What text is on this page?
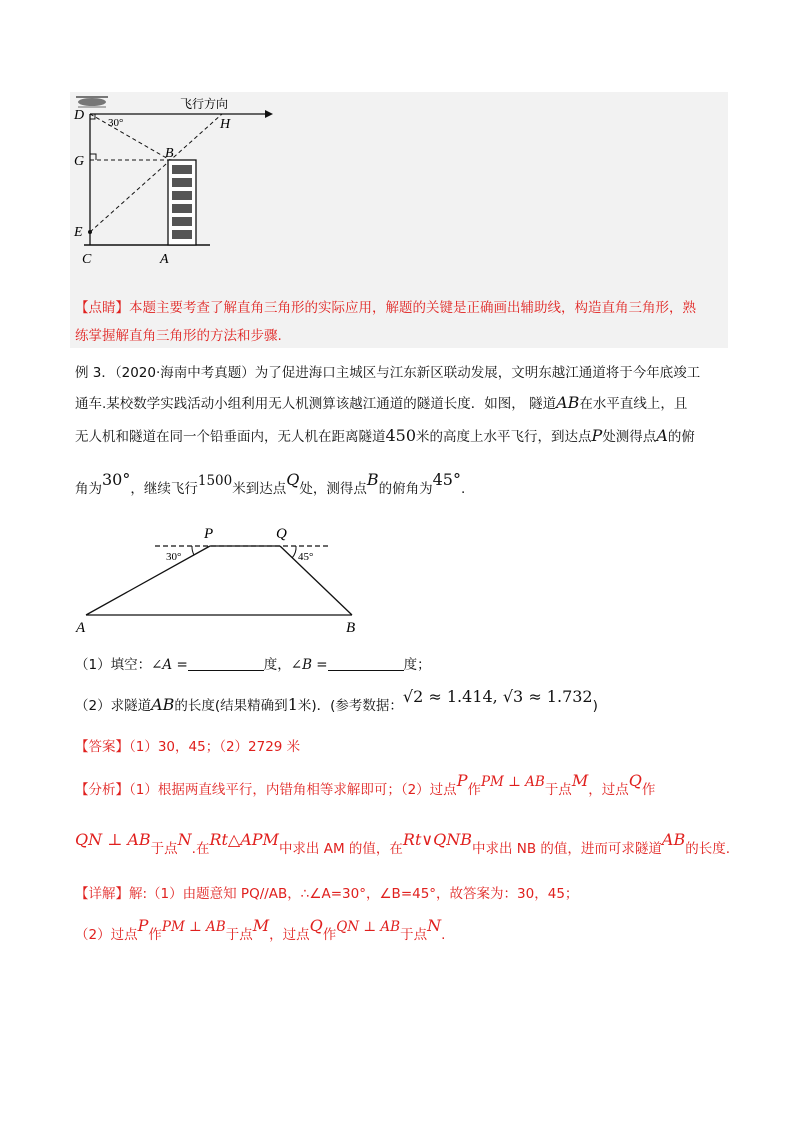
D 30°
飞行方向
H
G
B
E
C	A
【点睛】本题主要考查了解直角三角形的实际应用，解题的关键是正确画出辅助线，构造直角三角形，熟
练掌握解直角三角形的方法和步骤.
例 3．（2020·海南中考真题）为了促进海口主城区与江东新区联动发展，文明东越江通道将于今年底竣工
通车.某校数学实践活动小组利用无人机测算该越江通道的隧道长度．如图， 隧道AB在水平直线上，且
无人机和隧道在同一个铅垂面内，无人机在距离隧道450米的高度上水平飞行，到达点P处测得点A的俯
角为30°，继续飞行1500米到达点Q处，测得点B的俯角为45°.
P	Q
30°	45°
A	B
（1）填空：∠A =	度，∠B =	度；
（2）求隧道AB的长度(结果精确到1米)．(参考数据：√2 ≈ 1.414, √3 ≈ 1.732)
【答案】（1）30，45；（2）2729 米
【分析】（1）根据两直线平行，内错角相等求解即可；（2）过点P作PM ⊥ AB于点M，过点Q作
QN ⊥ AB于点N.在Rt△APM中求出 AM 的值，在Rt∨QNB中求出 NB 的值，进而可求隧道AB的长度.
【详解】解:（1）由题意知 PQ//AB，∴∠A=30°，∠B=45°，故答案为：30，45；
（2）过点P作PM ⊥ AB于点M，过点Q作QN ⊥ AB于点N.
